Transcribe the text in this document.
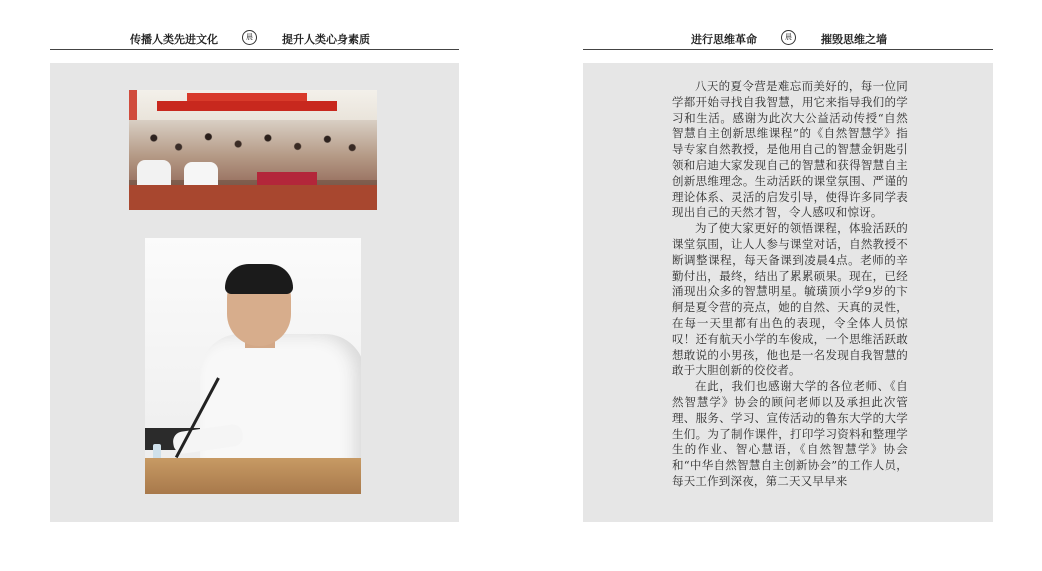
传播人类先进文化	晨	提升人类心身素质	进行思维革命	晨	摧毁思维之墙

八天的夏令营是难忘而美好的，每一位同学都开始寻找自我智慧，用它来指导我们的学习和生活。感谢为此次大公益活动传授“自然智慧自主创新思维课程”的《自然智慧学》指导专家自然教授，是他用自己的智慧金钥匙引领和启迪大家发现自己的智慧和获得智慧自主创新思维理念。生动活跃的课堂氛围、严谨的理论体系、灵活的启发引导，使得许多同学表现出自己的天然才智，令人感叹和惊讶。

为了使大家更好的领悟课程，体验活跃的课堂氛围，让人人参与课堂对话，自然教授不断调整课程，每天备课到凌晨4点。老师的辛勤付出，最终，结出了累累硕果。现在，已经涌现出众多的智慧明星。毓璜顶小学9岁的卞舸是夏令营的亮点，她的自然、天真的灵性，在每一天里都有出色的表现，令全体人员惊叹！还有航天小学的车俊成，一个思维活跃敢想敢说的小男孩，他也是一名发现自我智慧的敢于大胆创新的佼佼者。

在此，我们也感谢大学的各位老师、《自然智慧学》协会的顾问老师以及承担此次管理、服务、学习、宣传活动的鲁东大学的大学生们。为了制作课件，打印学习资料和整理学生的作业、智心慧语，《自然智慧学》协会和“中华自然智慧自主创新协会”的工作人员，每天工作到深夜，第二天又早早来
